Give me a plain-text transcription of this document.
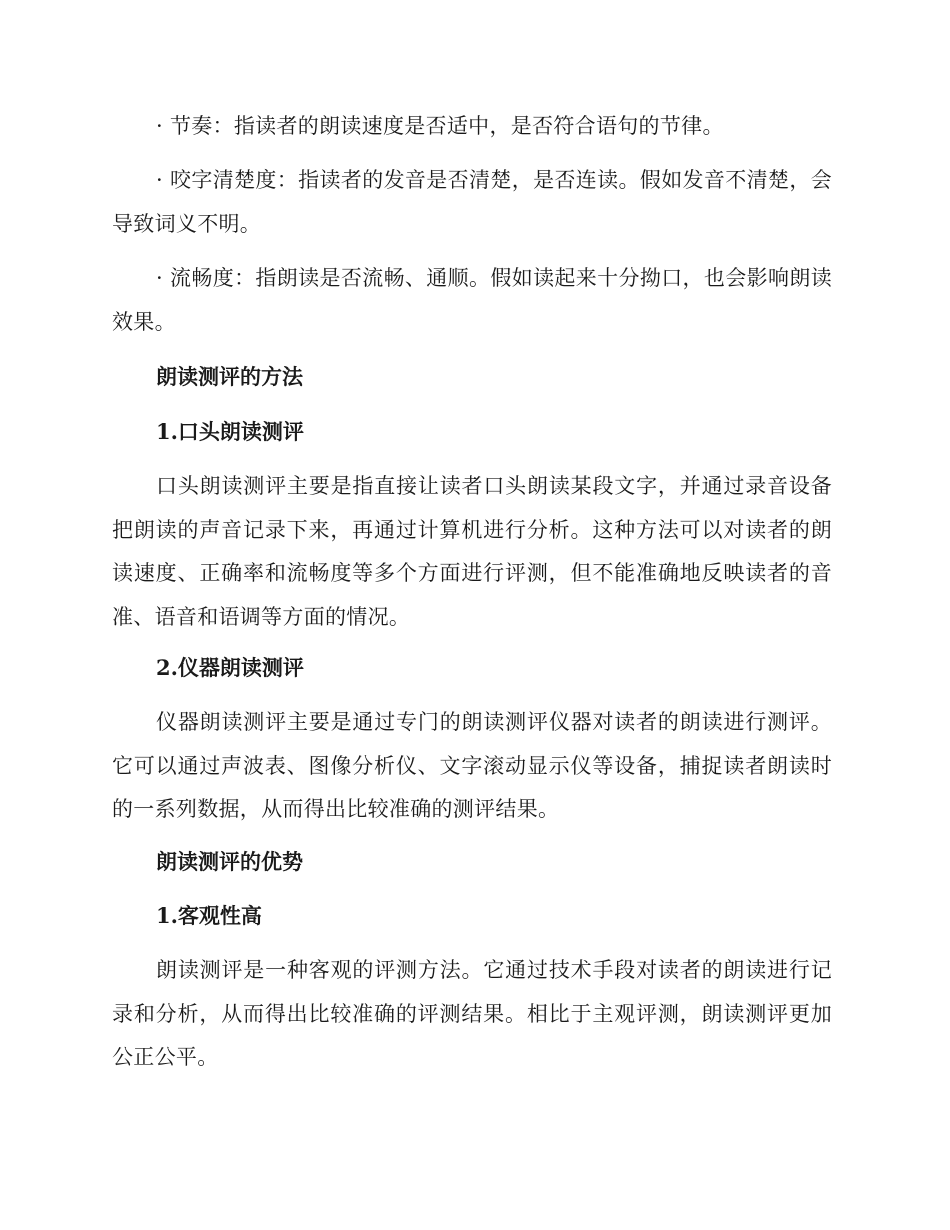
· 节奏：指读者的朗读速度是否适中，是否符合语句的节律。

· 咬字清楚度：指读者的发音是否清楚，是否连读。假如发音不清楚，会导致词义不明。

· 流畅度：指朗读是否流畅、通顺。假如读起来十分拗口，也会影响朗读效果。

朗读测评的方法
1.口头朗读测评

口头朗读测评主要是指直接让读者口头朗读某段文字，并通过录音设备把朗读的声音记录下来，再通过计算机进行分析。这种方法可以对读者的朗读速度、正确率和流畅度等多个方面进行评测，但不能准确地反映读者的音准、语音和语调等方面的情况。

2.仪器朗读测评

仪器朗读测评主要是通过专门的朗读测评仪器对读者的朗读进行测评。它可以通过声波表、图像分析仪、文字滚动显示仪等设备，捕捉读者朗读时的一系列数据，从而得出比较准确的测评结果。

朗读测评的优势
1.客观性高

朗读测评是一种客观的评测方法。它通过技术手段对读者的朗读进行记录和分析，从而得出比较准确的评测结果。相比于主观评测，朗读测评更加公正公平。
